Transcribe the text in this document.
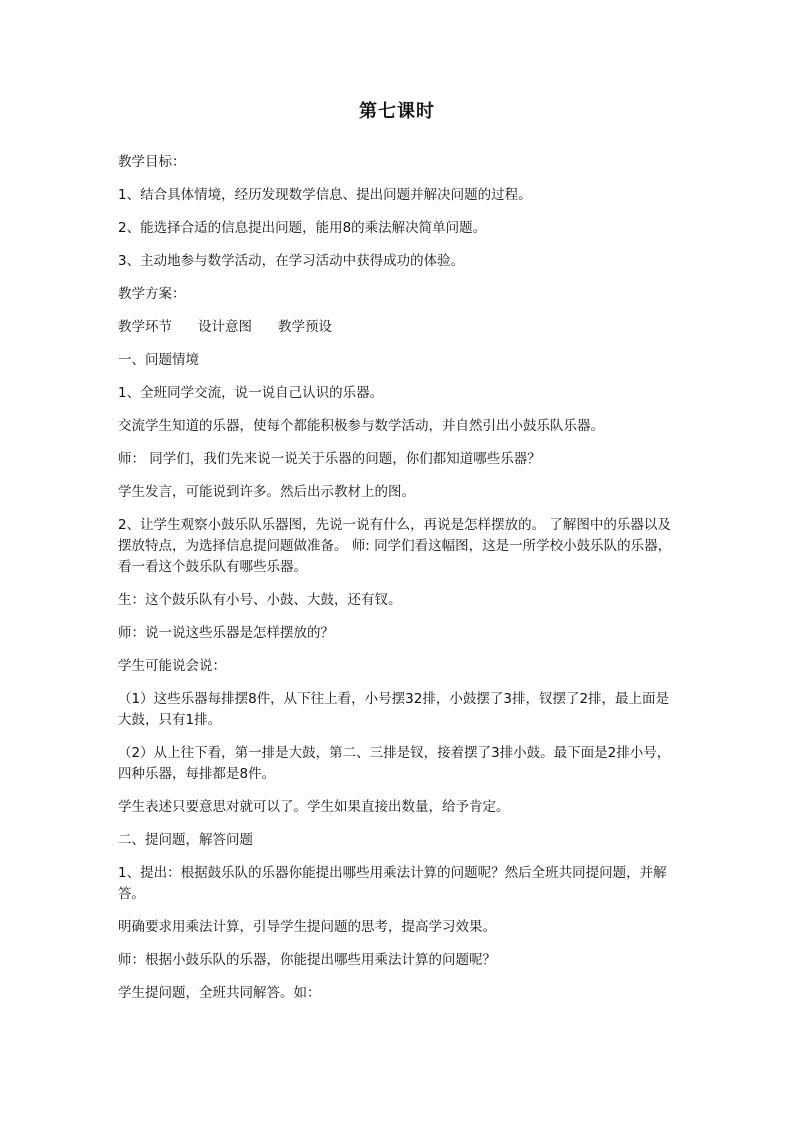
第七课时

教学目标：

1、结合具体情境，经历发现数学信息、提出问题并解决问题的过程。

2、能选择合适的信息提出问题，能用8的乘法解决简单问题。

3、主动地参与数学活动，在学习活动中获得成功的体验。

教学方案：

教学环节 设计意图 教学预设

一、问题情境

1、全班同学交流，说一说自己认识的乐器。

交流学生知道的乐器，使每个都能积极参与数学活动，并自然引出小鼓乐队乐器。

师： 同学们，我们先来说一说关于乐器的问题，你们都知道哪些乐器？

学生发言，可能说到许多。然后出示教材上的图。

2、让学生观察小鼓乐队乐器图，先说一说有什么，再说是怎样摆放的。 了解图中的乐器以及摆放特点，为选择信息提问题做准备。 师: 同学们看这幅图，这是一所学校小鼓乐队的乐器，看一看这个鼓乐队有哪些乐器。

生：这个鼓乐队有小号、小鼓、大鼓，还有钗。

师：说一说这些乐器是怎样摆放的？

学生可能说会说：

（1）这些乐器每排摆8件，从下往上看，小号摆32排，小鼓摆了3排，钗摆了2排，最上面是大鼓，只有1排。

（2）从上往下看，第一排是大鼓，第二、三排是钗，接着摆了3排小鼓。最下面是2排小号，四种乐器，每排都是8件。

学生表述只要意思对就可以了。学生如果直接出数量，给予肯定。

二、提问题，解答问题

1、提出：根据鼓乐队的乐器你能提出哪些用乘法计算的问题呢？然后全班共同提问题，并解答。

明确要求用乘法计算，引导学生提问题的思考，提高学习效果。

师：根据小鼓乐队的乐器，你能提出哪些用乘法计算的问题呢？

学生提问题，全班共同解答。如：
